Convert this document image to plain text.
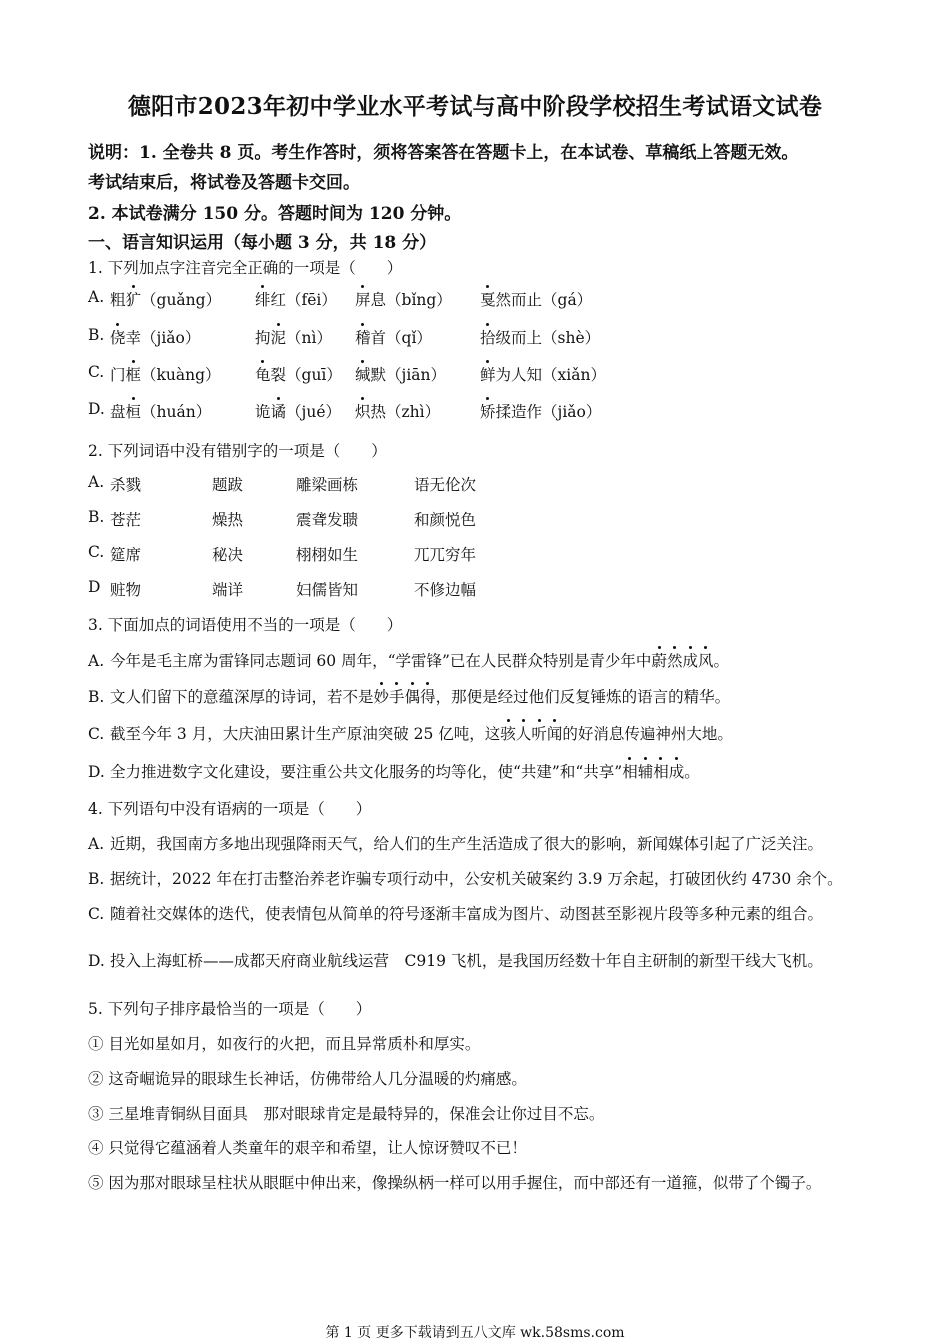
德阳市2023年初中学业水平考试与高中阶段学校招生考试语文试卷
说明：1. 全卷共 8 页。考生作答时，须将答案答在答题卡上，在本试卷、草稿纸上答题无效。
考试结束后，将试卷及答题卡交回。
2. 本试卷满分 150 分。答题时间为 120 分钟。
一、语言知识运用（每小题 3 分，共 18 分）
1. 下列加点字注音完全正确的一项是（　　）
A. 粗犷（guǎng） 绯红（fēi） 屏息（bǐng） 戛然而止（gá）
B. 侥幸（jiǎo）	拘泥（nì） 稽首（qǐ）	拾级而上（shè）
C. 门框（kuàng） 龟裂（guī） 缄默（jiān） 鲜为人知（xiǎn）
D. 盘桓（huán）	诡谲（jué） 炽热（zhì）	矫揉造作（jiǎo）
2. 下列词语中没有错别字的一项是（　　）
A. 杀戮	题跋	雕梁画栋	语无伦次
B. 苍茫	燥热	震聋发聩	和颜悦色
C. 筵席	秘决	栩栩如生	兀兀穷年
D 赃物	端详	妇儒皆知	不修边幅
3. 下面加点的词语使用不当的一项是（　　）
A. 今年是毛主席为雷锋同志题词 60 周年，“学雷锋”已在人民群众特别是青少年中蔚然成风。
B. 文人们留下的意蕴深厚的诗词，若不是妙手偶得，那便是经过他们反复锤炼的语言的精华。
C. 截至今年 3 月，大庆油田累计生产原油突破 25 亿吨，这骇人听闻的好消息传遍神州大地。
D. 全力推进数字文化建设，要注重公共文化服务的均等化，使“共建”和“共享”相辅相成。
4. 下列语句中没有语病的一项是（　　）
A. 近期，我国南方多地出现强降雨天气，给人们的生产生活造成了很大的影响，新闻媒体引起了广泛关注。
B. 据统计，2022 年在打击整治养老诈骗专项行动中，公安机关破案约 3.9 万余起，打破团伙约 4730 余个。
C. 随着社交媒体的迭代，使表情包从简单的符号逐渐丰富成为图片、动图甚至影视片段等多种元素的组合。
D. 投入上海虹桥——成都天府商业航线运营　C919 飞机，是我国历经数十年自主研制的新型干线大飞机。
5. 下列句子排序最恰当的一项是（　　）
① 目光如星如月，如夜行的火把，而且异常质朴和厚实。
② 这奇崛诡异的眼球生长神话，仿佛带给人几分温暖的灼痛感。
③ 三星堆青铜纵目面具　那对眼球肯定是最特异的，保准会让你过目不忘。
④ 只觉得它蕴涵着人类童年的艰辛和希望，让人惊讶赞叹不已！
⑤ 因为那对眼球呈柱状从眼眶中伸出来，像操纵柄一样可以用手握住，而中部还有一道箍，似带了个镯子。
第 1 页 更多下载请到五八文库 wk.58sms.com
